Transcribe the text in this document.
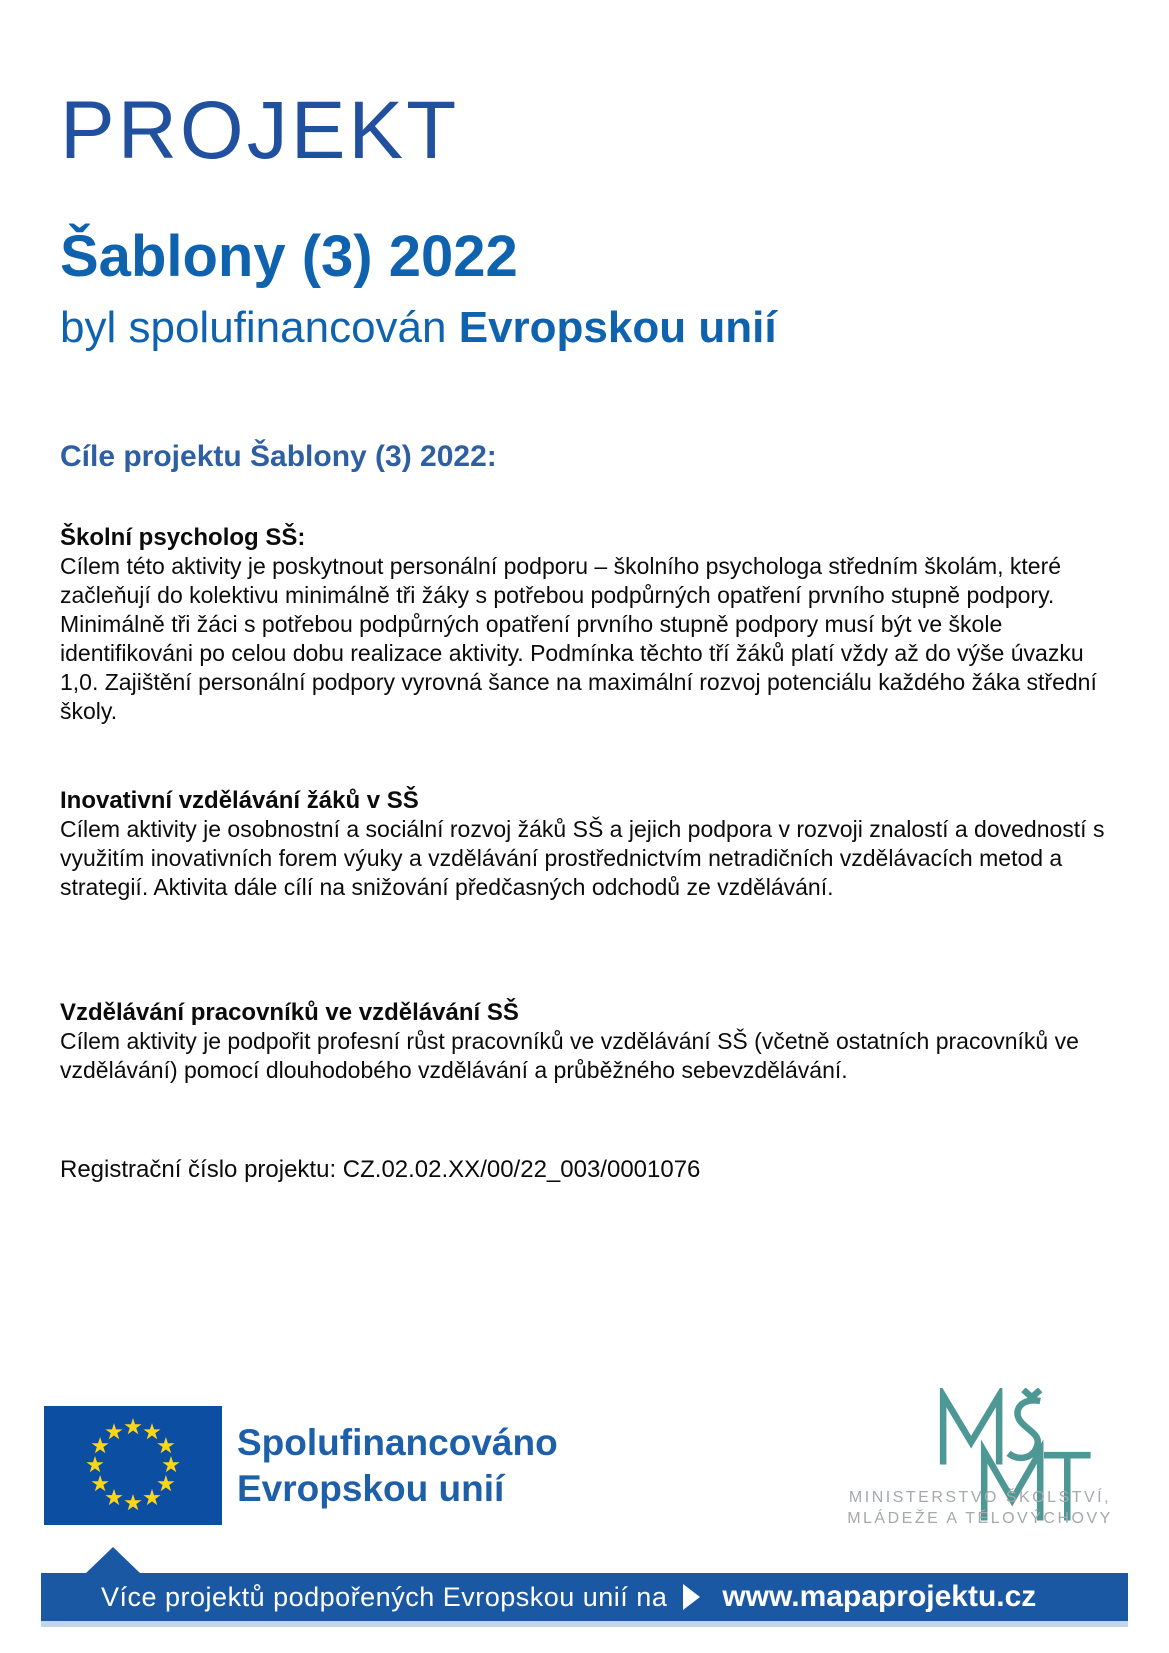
PROJEKT
Šablony (3) 2022
byl spolufinancován Evropskou unií
Cíle projektu Šablony (3) 2022:

Školní psycholog SŠ:

Cílem této aktivity je poskytnout personální podporu – školního psychologa středním školám, které začleňují do kolektivu minimálně tři žáky s potřebou podpůrných opatření prvního stupně podpory. Minimálně tři žáci s potřebou podpůrných opatření prvního stupně podpory musí být ve škole identifikováni po celou dobu realizace aktivity. Podmínka těchto tří žáků platí vždy až do výše úvazku 1,0. Zajištění personální podpory vyrovná šance na maximální rozvoj potenciálu každého žáka střední školy.

Inovativní vzdělávání žáků v SŠ

Cílem aktivity je osobnostní a sociální rozvoj žáků SŠ a jejich podpora v rozvoji znalostí a dovedností s využitím inovativních forem výuky a vzdělávání prostřednictvím netradičních vzdělávacích metod a strategií. Aktivita dále cílí na snižování předčasných odchodů ze vzdělávání.

Vzdělávání pracovníků ve vzdělávání SŠ

Cílem aktivity je podpořit profesní růst pracovníků ve vzdělávání SŠ (včetně ostatních pracovníků ve vzdělávání) pomocí dlouhodobého vzdělávání a průběžného sebevzdělávání.

Registrační číslo projektu: CZ.02.02.XX/00/22_003/0001076
Spolufinancováno
Evropskou unií	MINISTERSTVO ŠKOLSTVÍ,
MLÁDEŽE A TĚLOVÝCHOVY
Více projektů podpořených Evropskou unií na www.mapaprojektu.cz
